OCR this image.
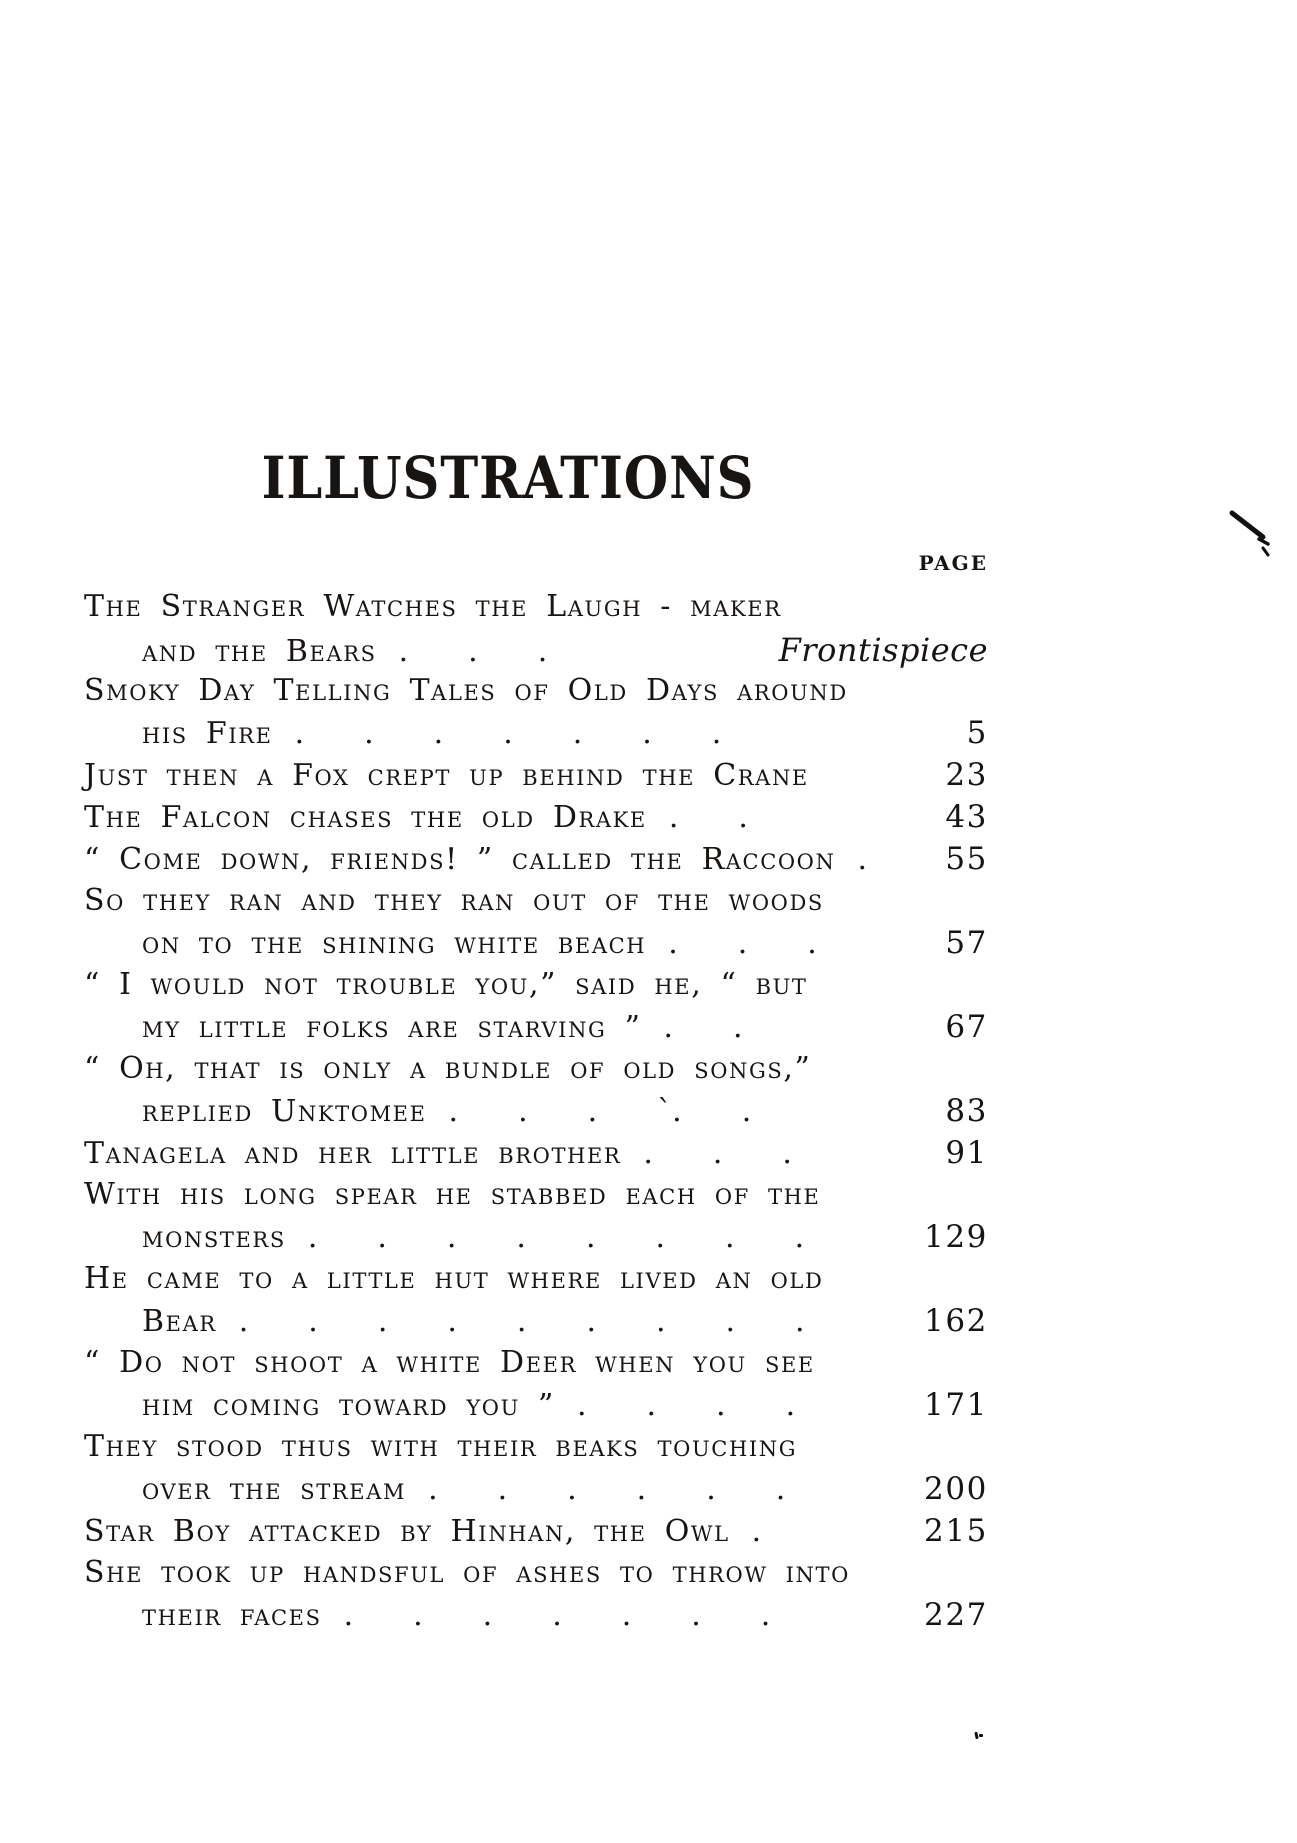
ILLUSTRATIONS
PAGE
The Stranger Watches the Laugh - maker
and the Bears .  .  .	Frontispiece
Smoky Day Telling Tales of Old Days around
his Fire .  .  .  .  .  .  .	5
Just then a Fox crept up behind the Crane	23
The Falcon chases the old Drake .  .	43
“ Come down, friends! ” called the Raccoon .	55
So they ran and they ran out of the woods
on to the shining white beach .  .  .	57
“ I would not trouble you,” said he, “ but
my little folks are starving ” .  .	67
“ Oh, that is only a bundle of old songs,”
replied Unktomee .  .  .  ˋ.  .	83
Tanagela and her little brother .  .  .	91
With his long spear he stabbed each of the
monsters .  .  .  .  .  .  .  .	129
He came to a little hut where lived an old
Bear .  .  .  .  .  .  .  .  .	162
“ Do not shoot a white Deer when you see
him coming toward you ” .  .  .  .	171
They stood thus with their beaks touching
over the stream .  .  .  .  .  .	200
Star Boy attacked by Hinhan, the Owl .	215
She took up handsful of ashes to throw into
their faces .  .  .  .  .  .  .	227
